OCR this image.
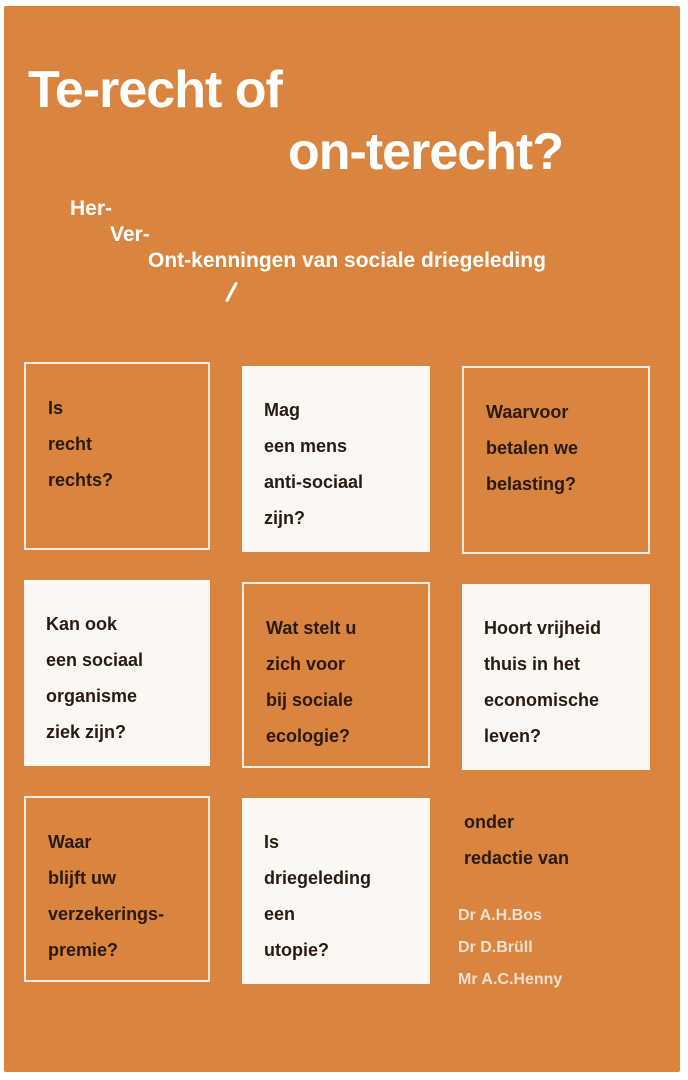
Te-recht of
on-terecht?
Her-
Ver-
Ont-kenningen van sociale driegeleding
Is
recht
rechts?
Mag
een mens
anti-sociaal
zijn?
Waarvoor
betalen we
belasting?
Kan ook
een sociaal
organisme
ziek zijn?
Wat stelt u
zich voor
bij sociale
ecologie?
Hoort vrijheid
thuis in het
economische
leven?
Waar
blijft uw
verzekerings-
premie?
Is
driegeleding
een
utopie?
onder
redactie van
Dr A.H.Bos
Dr D.Brüll
Mr A.C.Henny
